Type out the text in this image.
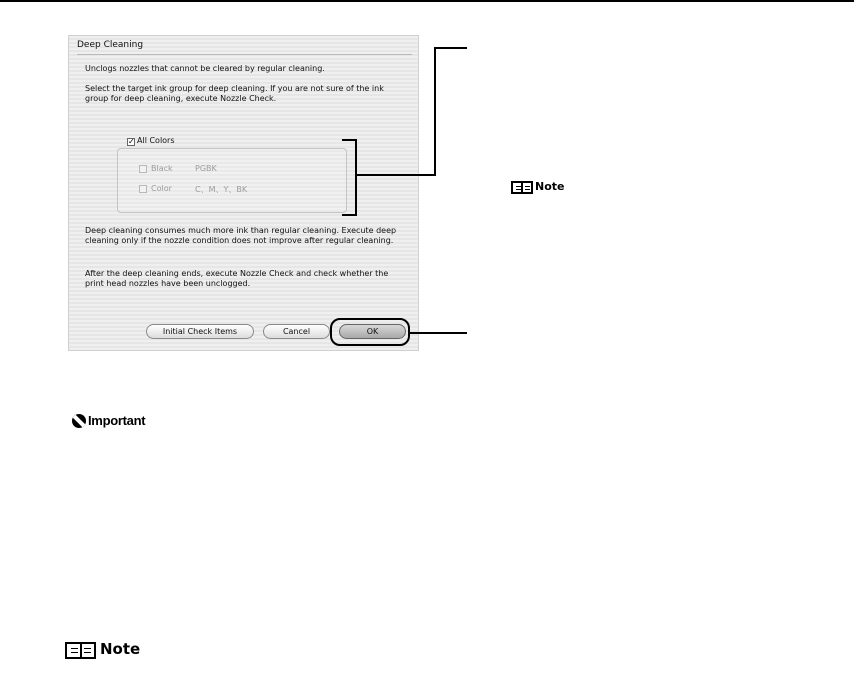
Deep Cleaning
Unclogs nozzles that cannot be cleared by regular cleaning.
Select the target ink group for deep cleaning. If you are not sure of the ink group for deep cleaning, execute Nozzle Check.
✓ All Colors
Black	PGBK
Color	C、M、Y、BK
Deep cleaning consumes much more ink than regular cleaning. Execute deep cleaning only if the nozzle condition does not improve after regular cleaning.
After the deep cleaning ends, execute Nozzle Check and check whether the print head nozzles have been unclogged.
Initial Check Items	Cancel	OK
Note
Important
Note
